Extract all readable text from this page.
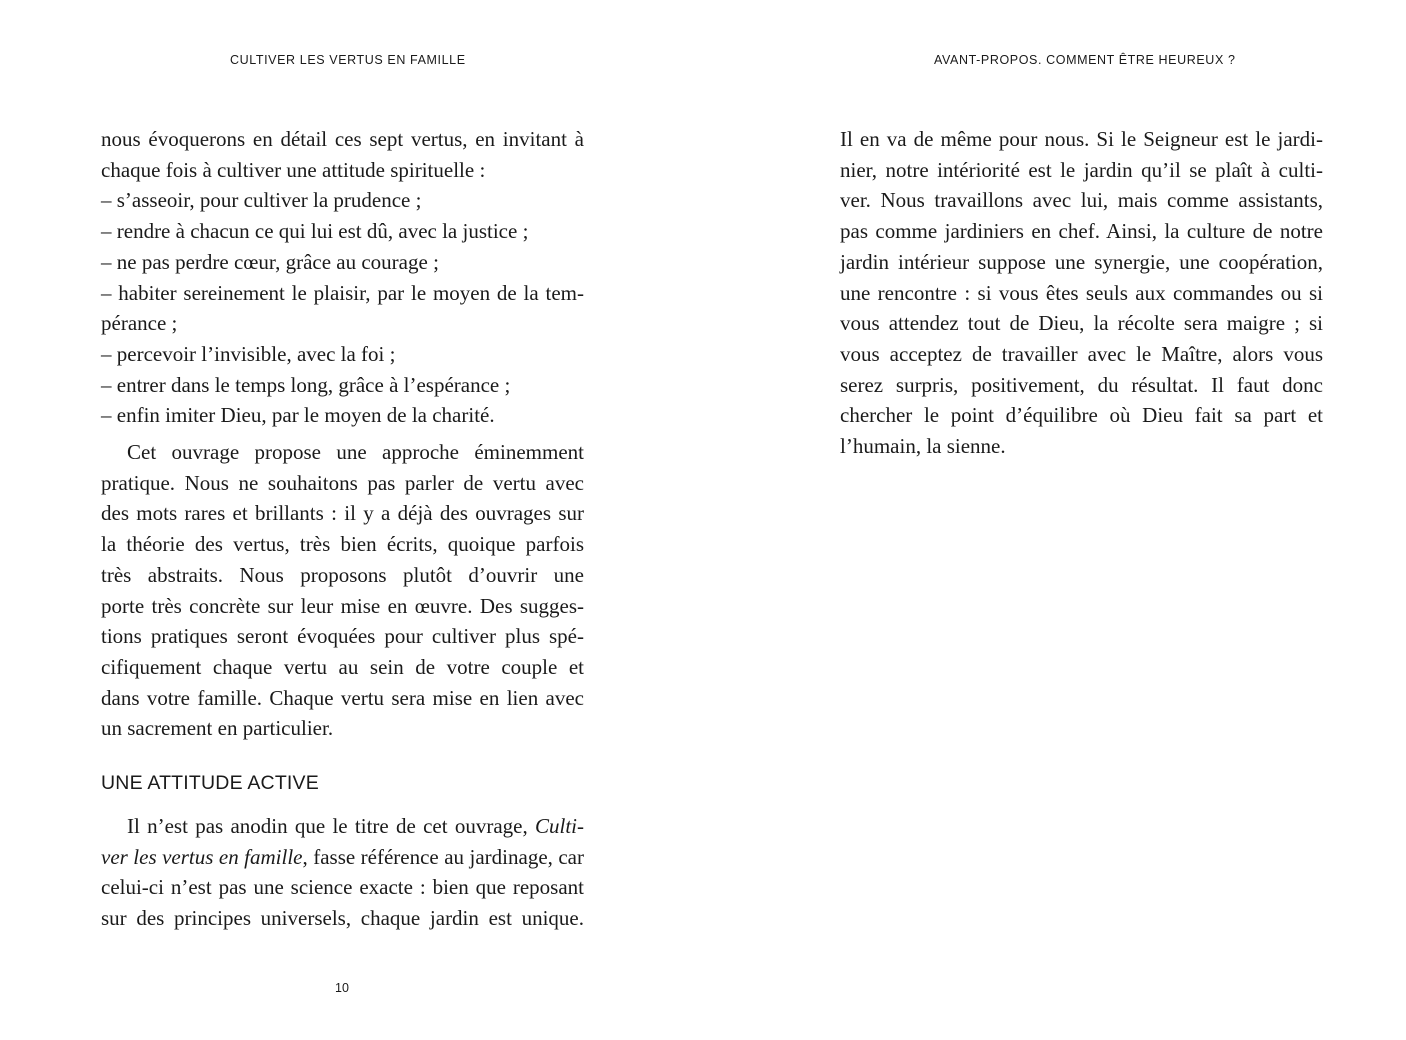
CULTIVER LES VERTUS EN FAMILLE
nous évoquerons en détail ces sept vertus, en invitant à
chaque fois à cultiver une attitude spirituelle :
– s’asseoir, pour cultiver la prudence ;
– rendre à chacun ce qui lui est dû, avec la justice ;
– ne pas perdre cœur, grâce au courage ;
– habiter sereinement le plaisir, par le moyen de la tem-
pérance ;
– percevoir l’invisible, avec la foi ;
– entrer dans le temps long, grâce à l’espérance ;
– enfin imiter Dieu, par le moyen de la charité.
Cet ouvrage propose une approche éminemment
pratique. Nous ne souhaitons pas parler de vertu avec
des mots rares et brillants : il y a déjà des ouvrages sur
la théorie des vertus, très bien écrits, quoique parfois
très abstraits. Nous proposons plutôt d’ouvrir une
porte très concrète sur leur mise en œuvre. Des sugges-
tions pratiques seront évoquées pour cultiver plus spé-
cifiquement chaque vertu au sein de votre couple et
dans votre famille. Chaque vertu sera mise en lien avec
un sacrement en particulier.
UNE ATTITUDE ACTIVE
Il n’est pas anodin que le titre de cet ouvrage, Culti-
ver les vertus en famille, fasse référence au jardinage, car
celui-ci n’est pas une science exacte : bien que reposant
sur des principes universels, chaque jardin est unique.
10
AVANT-PROPOS. COMMENT ÊTRE HEUREUX ?
Il en va de même pour nous. Si le Seigneur est le jardi-
nier, notre intériorité est le jardin qu’il se plaît à culti-
ver. Nous travaillons avec lui, mais comme assistants,
pas comme jardiniers en chef. Ainsi, la culture de notre
jardin intérieur suppose une synergie, une coopération,
une rencontre : si vous êtes seuls aux commandes ou si
vous attendez tout de Dieu, la récolte sera maigre ; si
vous acceptez de travailler avec le Maître, alors vous
serez surpris, positivement, du résultat. Il faut donc
chercher le point d’équilibre où Dieu fait sa part et
l’humain, la sienne.
